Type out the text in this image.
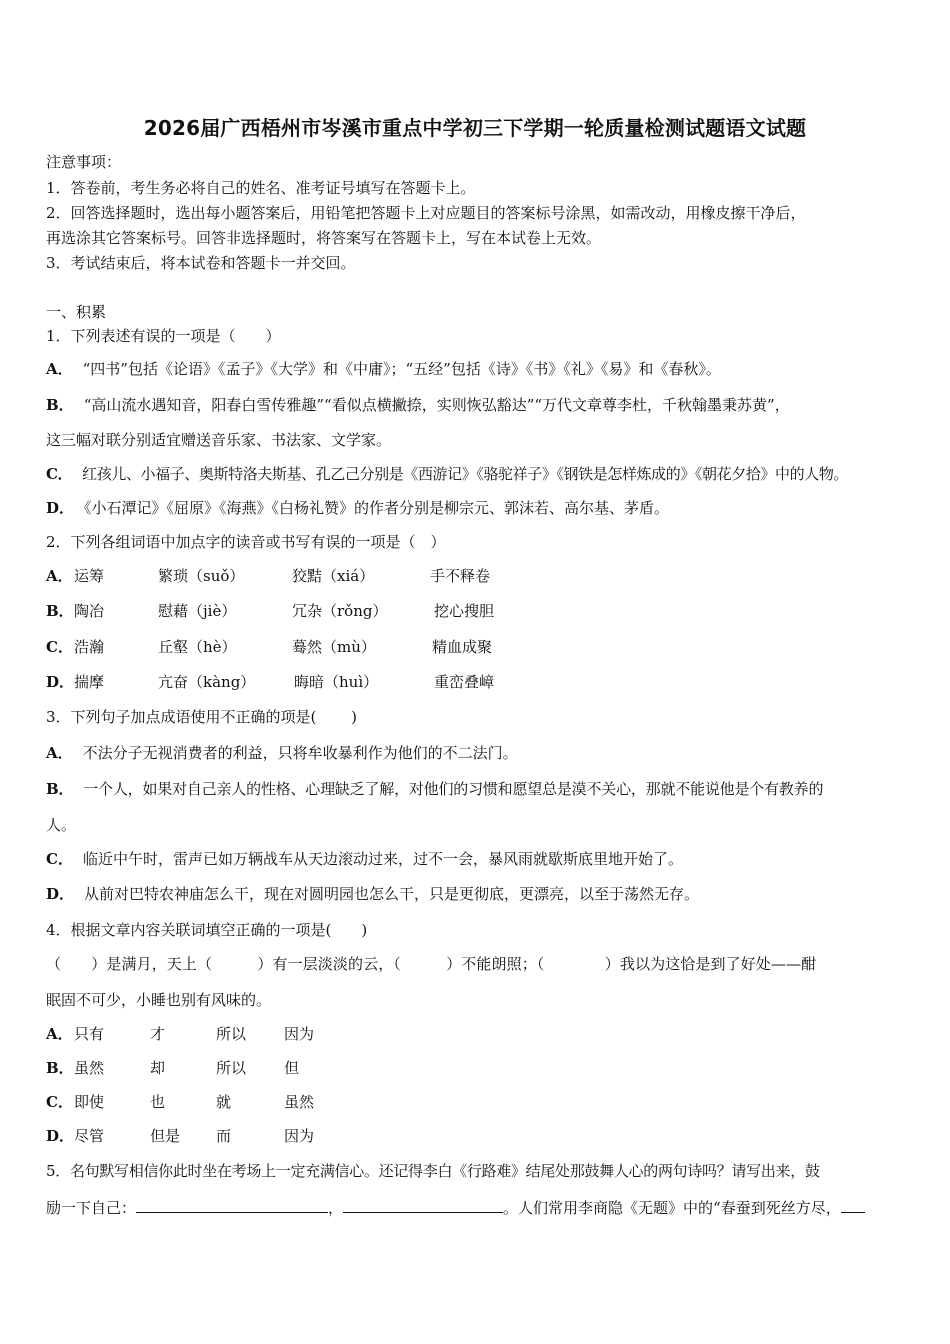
2026届广西梧州市岑溪市重点中学初三下学期一轮质量检测试题语文试题
注意事项：
1．答卷前，考生务必将自己的姓名、准考证号填写在答题卡上。
2．回答选择题时，选出每小题答案后，用铅笔把答题卡上对应题目的答案标号涂黑，如需改动，用橡皮擦干净后，
再选涂其它答案标号。回答非选择题时，将答案写在答题卡上，写在本试卷上无效。
3．考试结束后，将本试卷和答题卡一并交回。
一、积累
1．下列表述有误的一项是（　　）
A． “四书”包括《论语》《孟子》《大学》和《中庸》；“五经”包括《诗》《书》《礼》《易》和《春秋》。
B． “高山流水遇知音，阳春白雪传雅趣”“看似点横撇捺，实则恢弘豁达”“万代文章尊李杜，千秋翰墨秉苏黄”，
这三幅对联分别适宜赠送音乐家、书法家、文学家。
C． 红孩儿、小福子、奥斯特洛夫斯基、孔乙己分别是《西游记》《骆驼祥子》《钢铁是怎样炼成的》《朝花夕拾》中的人物。
D． 《小石潭记》《屈原》《海燕》《白杨礼赞》的作者分别是柳宗元、郭沫若、高尔基、茅盾。
2．下列各组词语中加点字的读音或书写有误的一项是（　）
A． 运筹	繁琐（suǒ）	狡黠（xiá）	手不释卷
B． 陶冶	慰藉（jiè）	冗杂（rǒng）	挖心搜胆
C． 浩瀚	丘壑（hè）	蓦然（mù）	精血成聚
D． 揣摩	亢奋（kàng）	晦暗（huì）	重峦叠嶂
3．下列句子加点成语使用不正确的项是(　　 )
A． 不法分子无视消费者的利益，只将牟收暴利作为他们的不二法门。
B． 一个人，如果对自己亲人的性格、心理缺乏了解，对他们的习惯和愿望总是漠不关心，那就不能说他是个有教养的
人。
C． 临近中午时，雷声已如万辆战车从天边滚动过来，过不一会，暴风雨就歇斯底里地开始了。
D． 从前对巴特农神庙怎么干，现在对圆明园也怎么干，只是更彻底，更漂亮，以至于荡然无存。
4．根据文章内容关联词填空正确的一项是(　　)
（　　）是满月，天上（　　　）有一层淡淡的云，（　　　）不能朗照；（　　　　）我以为这恰是到了好处——酣
眠固不可少，小睡也别有风味的。
A． 只有	才	所以	因为
B． 虽然	却	所以	但
C． 即使	也	就	虽然
D． 尽管	但是 而	因为
5．名句默写相信你此时坐在考场上一定充满信心。还记得李白《行路难》结尾处那鼓舞人心的两句诗吗？请写出来，鼓
励一下自己：	，	。人们常用李商隐《无题》中的“春蚕到死丝方尽，
